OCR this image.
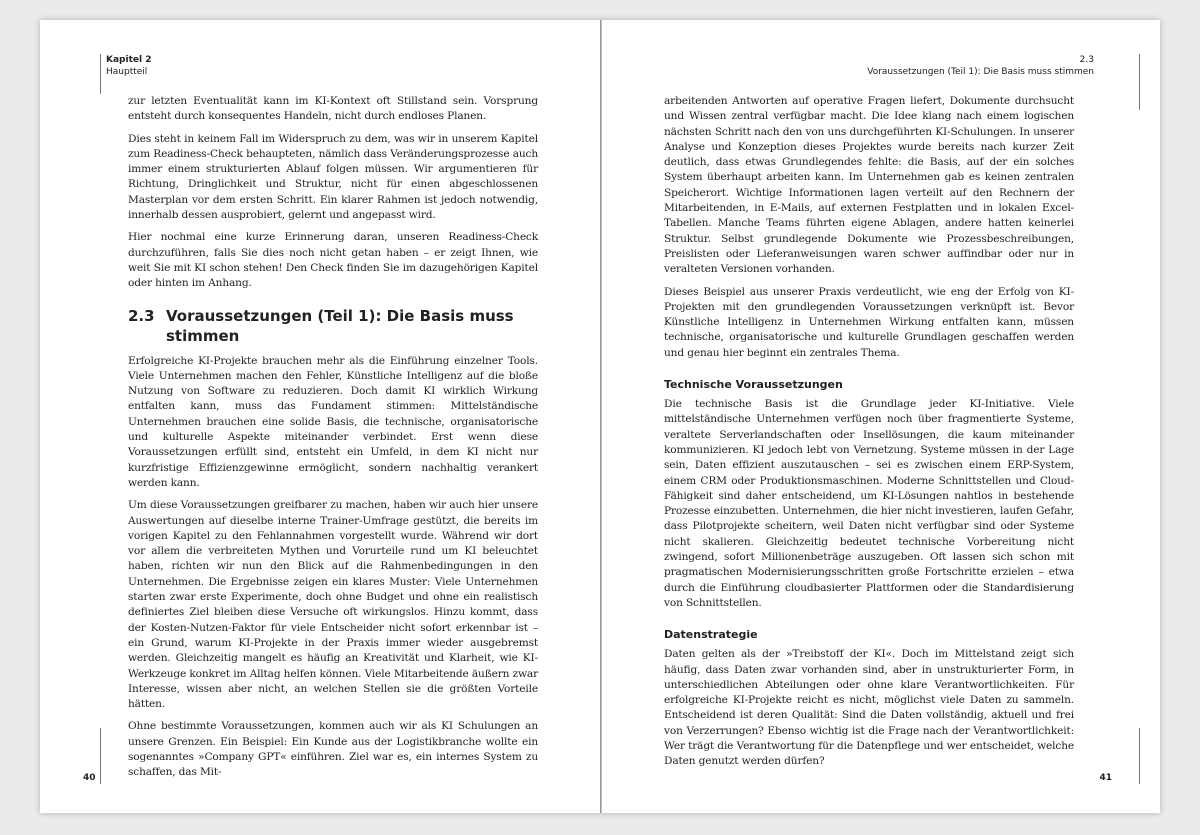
Kapitel 2
Hauptteil

zur letzten Eventualität kann im KI-Kontext oft Stillstand sein. Vorsprung entsteht durch konsequentes Handeln, nicht durch endloses Planen.

Dies steht in keinem Fall im Widerspruch zu dem, was wir in unserem Kapitel zum Readiness-Check behaupteten, nämlich dass Veränderungsprozesse auch immer einem strukturierten Ablauf folgen müssen. Wir argumentieren für Richtung, Dringlichkeit und Struktur, nicht für einen abgeschlossenen Masterplan vor dem ersten Schritt. Ein klarer Rahmen ist jedoch notwendig, innerhalb dessen ausprobiert, gelernt und angepasst wird.

Hier nochmal eine kurze Erinnerung daran, unseren Readiness-Check durchzuführen, falls Sie dies noch nicht getan haben – er zeigt Ihnen, wie weit Sie mit KI schon stehen! Den Check finden Sie im dazugehörigen Kapitel oder hinten im Anhang.

2.3 Voraussetzungen (Teil 1): Die Basis muss stimmen

Erfolgreiche KI-Projekte brauchen mehr als die Einführung einzelner Tools. Viele Unternehmen machen den Fehler, Künstliche Intelligenz auf die bloße Nutzung von Software zu reduzieren. Doch damit KI wirklich Wirkung entfalten kann, muss das Fundament stimmen: Mittelständische Unternehmen brauchen eine solide Basis, die technische, organisatorische und kulturelle Aspekte miteinander verbindet. Erst wenn diese Voraussetzungen erfüllt sind, entsteht ein Umfeld, in dem KI nicht nur kurzfristige Effizienzgewinne ermöglicht, sondern nachhaltig verankert werden kann.

Um diese Voraussetzungen greifbarer zu machen, haben wir auch hier unsere Auswertungen auf dieselbe interne Trainer-Umfrage gestützt, die bereits im vorigen Kapitel zu den Fehlannahmen vorgestellt wurde. Während wir dort vor allem die verbreiteten Mythen und Vorurteile rund um KI beleuchtet haben, richten wir nun den Blick auf die Rahmenbedingungen in den Unternehmen. Die Ergebnisse zeigen ein klares Muster: Viele Unternehmen starten zwar erste Experimente, doch ohne Budget und ohne ein realistisch definiertes Ziel bleiben diese Versuche oft wirkungslos. Hinzu kommt, dass der Kosten-Nutzen-Faktor für viele Entscheider nicht sofort erkennbar ist – ein Grund, warum KI-Projekte in der Praxis immer wieder ausgebremst werden. Gleichzeitig mangelt es häufig an Kreativität und Klarheit, wie KI-Werkzeuge konkret im Alltag helfen können. Viele Mitarbeitende äußern zwar Interesse, wissen aber nicht, an welchen Stellen sie die größten Vorteile hätten.

Ohne bestimmte Voraussetzungen, kommen auch wir als KI Schulungen an unsere Grenzen. Ein Beispiel: Ein Kunde aus der Logistikbranche wollte ein sogenanntes »Company GPT« einführen. Ziel war es, ein internes System zu schaffen, das Mit-

40
2.3
Voraussetzungen (Teil 1): Die Basis muss stimmen

arbeitenden Antworten auf operative Fragen liefert, Dokumente durchsucht und Wissen zentral verfügbar macht. Die Idee klang nach einem logischen nächsten Schritt nach den von uns durchgeführten KI-Schulungen. In unserer Analyse und Konzeption dieses Projektes wurde bereits nach kurzer Zeit deutlich, dass etwas Grundlegendes fehlte: die Basis, auf der ein solches System überhaupt arbeiten kann. Im Unternehmen gab es keinen zentralen Speicherort. Wichtige Informationen lagen verteilt auf den Rechnern der Mitarbeitenden, in E-Mails, auf externen Festplatten und in lokalen Excel-Tabellen. Manche Teams führten eigene Ablagen, andere hatten keinerlei Struktur. Selbst grundlegende Dokumente wie Prozessbeschreibungen, Preislisten oder Lieferanweisungen waren schwer auffindbar oder nur in veralteten Versionen vorhanden.

Dieses Beispiel aus unserer Praxis verdeutlicht, wie eng der Erfolg von KI-Projekten mit den grundlegenden Voraussetzungen verknüpft ist. Bevor Künstliche Intelligenz in Unternehmen Wirkung entfalten kann, müssen technische, organisatorische und kulturelle Grundlagen geschaffen werden und genau hier beginnt ein zentrales Thema.

Technische Voraussetzungen

Die technische Basis ist die Grundlage jeder KI-Initiative. Viele mittelständische Unternehmen verfügen noch über fragmentierte Systeme, veraltete Serverlandschaften oder Insellösungen, die kaum miteinander kommunizieren. KI jedoch lebt von Vernetzung. Systeme müssen in der Lage sein, Daten effizient auszutauschen – sei es zwischen einem ERP-System, einem CRM oder Produktionsmaschinen. Moderne Schnittstellen und Cloud-Fähigkeit sind daher entscheidend, um KI-Lösungen nahtlos in bestehende Prozesse einzubetten. Unternehmen, die hier nicht investieren, laufen Gefahr, dass Pilotprojekte scheitern, weil Daten nicht verfügbar sind oder Systeme nicht skalieren. Gleichzeitig bedeutet technische Vorbereitung nicht zwingend, sofort Millionenbeträge auszugeben. Oft lassen sich schon mit pragmatischen Modernisierungsschritten große Fortschritte erzielen – etwa durch die Einführung cloudbasierter Plattformen oder die Standardisierung von Schnittstellen.

Datenstrategie

Daten gelten als der »Treibstoff der KI«. Doch im Mittelstand zeigt sich häufig, dass Daten zwar vorhanden sind, aber in unstrukturierter Form, in unterschiedlichen Abteilungen oder ohne klare Verantwortlichkeiten. Für erfolgreiche KI-Projekte reicht es nicht, möglichst viele Daten zu sammeln. Entscheidend ist deren Qualität: Sind die Daten vollständig, aktuell und frei von Verzerrungen? Ebenso wichtig ist die Frage nach der Verantwortlichkeit: Wer trägt die Verantwortung für die Datenpflege und wer entscheidet, welche Daten genutzt werden dürfen?

41
